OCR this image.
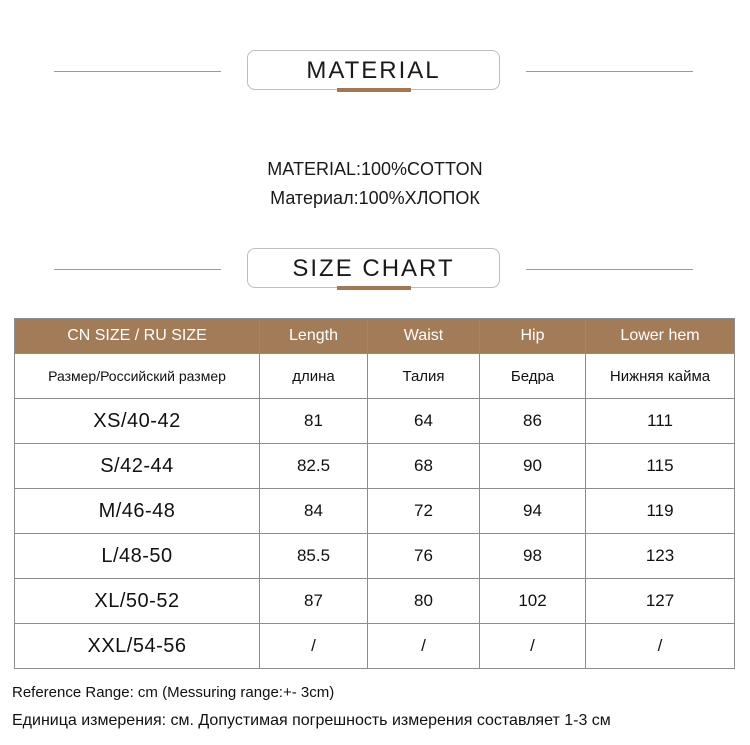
MATERIAL
MATERIAL:100%COTTON
Материал:100%ХЛОПОК
SIZE CHART
CN SIZE / RU SIZE	Length	Waist	Hip	Lower hem
Размер/Российский размер	длина	Талия	Бедра	Нижняя кайма
XS/40-42	81	64	86	111
S/42-44	82.5	68	90	115
M/46-48	84	72	94	119
L/48-50	85.5	76	98	123
XL/50-52	87	80	102	127
XXL/54-56	/	/	/	/
Reference Range: cm (Messuring range:+- 3cm)
Единица измерения: см. Допустимая погрешность измерения составляет 1-3 см
